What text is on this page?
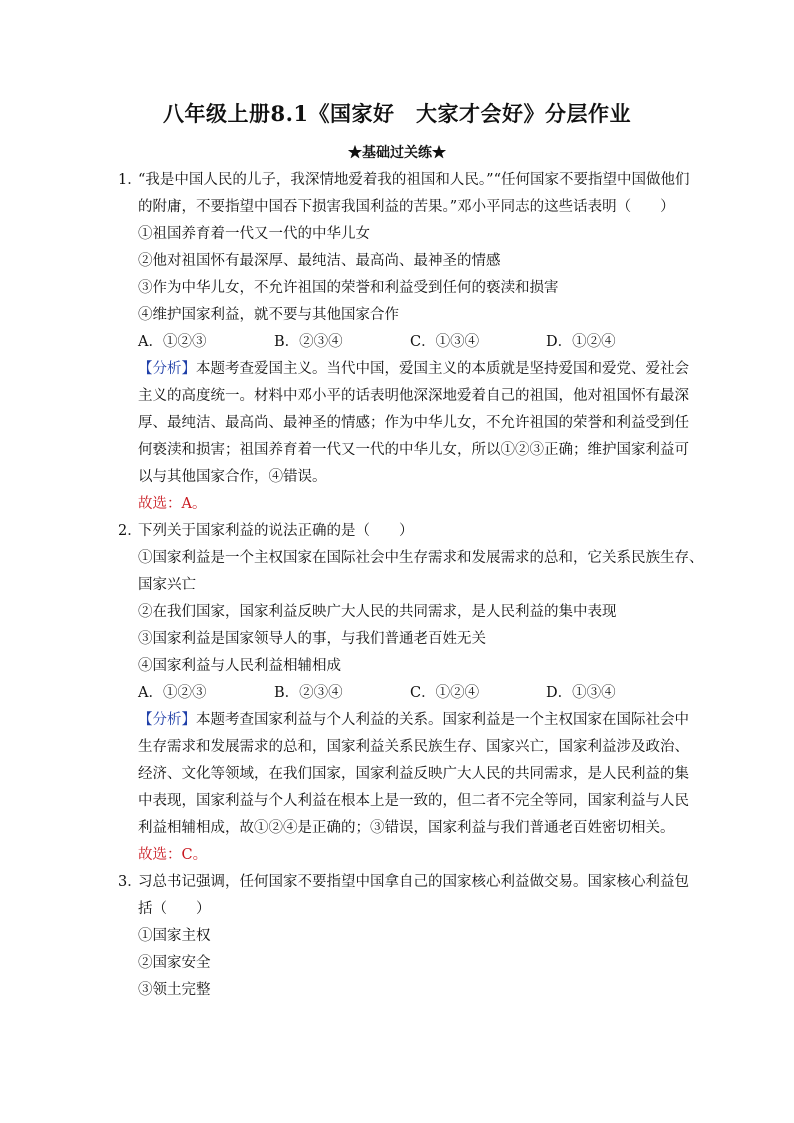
八年级上册8.1《国家好　大家才会好》分层作业
★基础过关练★
1．
“我是中国人民的儿子，我深情地爱着我的祖国和人民。”“任何国家不要指望中国做他们
的附庸，不要指望中国吞下损害我国利益的苦果。”邓小平同志的这些话表明（　　）
①祖国养育着一代又一代的中华儿女
②他对祖国怀有最深厚、最纯洁、最高尚、最神圣的情感
③作为中华儿女，不允许祖国的荣誉和利益受到任何的亵渎和损害
④维护国家利益，就不要与其他国家合作
A．①②③	B．②③④	C．①③④	D．①②④
【分析】本题考查爱国主义。当代中国，爱国主义的本质就是坚持爱国和爱党、爱社会
主义的高度统一。材料中邓小平的话表明他深深地爱着自己的祖国，他对祖国怀有最深
厚、最纯洁、最高尚、最神圣的情感；作为中华儿女，不允许祖国的荣誉和利益受到任
何亵渎和损害；祖国养育着一代又一代的中华儿女，所以①②③正确；维护国家利益可
以与其他国家合作，④错误。
故选：A。
2．
下列关于国家利益的说法正确的是（　　）
①国家利益是一个主权国家在国际社会中生存需求和发展需求的总和，它关系民族生存、
国家兴亡
②在我们国家，国家利益反映广大人民的共同需求，是人民利益的集中表现
③国家利益是国家领导人的事，与我们普通老百姓无关
④国家利益与人民利益相辅相成
A．①②③	B．②③④	C．①②④	D．①③④
【分析】本题考查国家利益与个人利益的关系。国家利益是一个主权国家在国际社会中
生存需求和发展需求的总和，国家利益关系民族生存、国家兴亡，国家利益涉及政治、
经济、文化等领域，在我们国家，国家利益反映广大人民的共同需求，是人民利益的集
中表现，国家利益与个人利益在根本上是一致的，但二者不完全等同，国家利益与人民
利益相辅相成，故①②④是正确的；③错误，国家利益与我们普通老百姓密切相关。
故选：C。
3．
习总书记强调，任何国家不要指望中国拿自己的国家核心利益做交易。国家核心利益包
括（　　）
①国家主权
②国家安全
③领土完整
